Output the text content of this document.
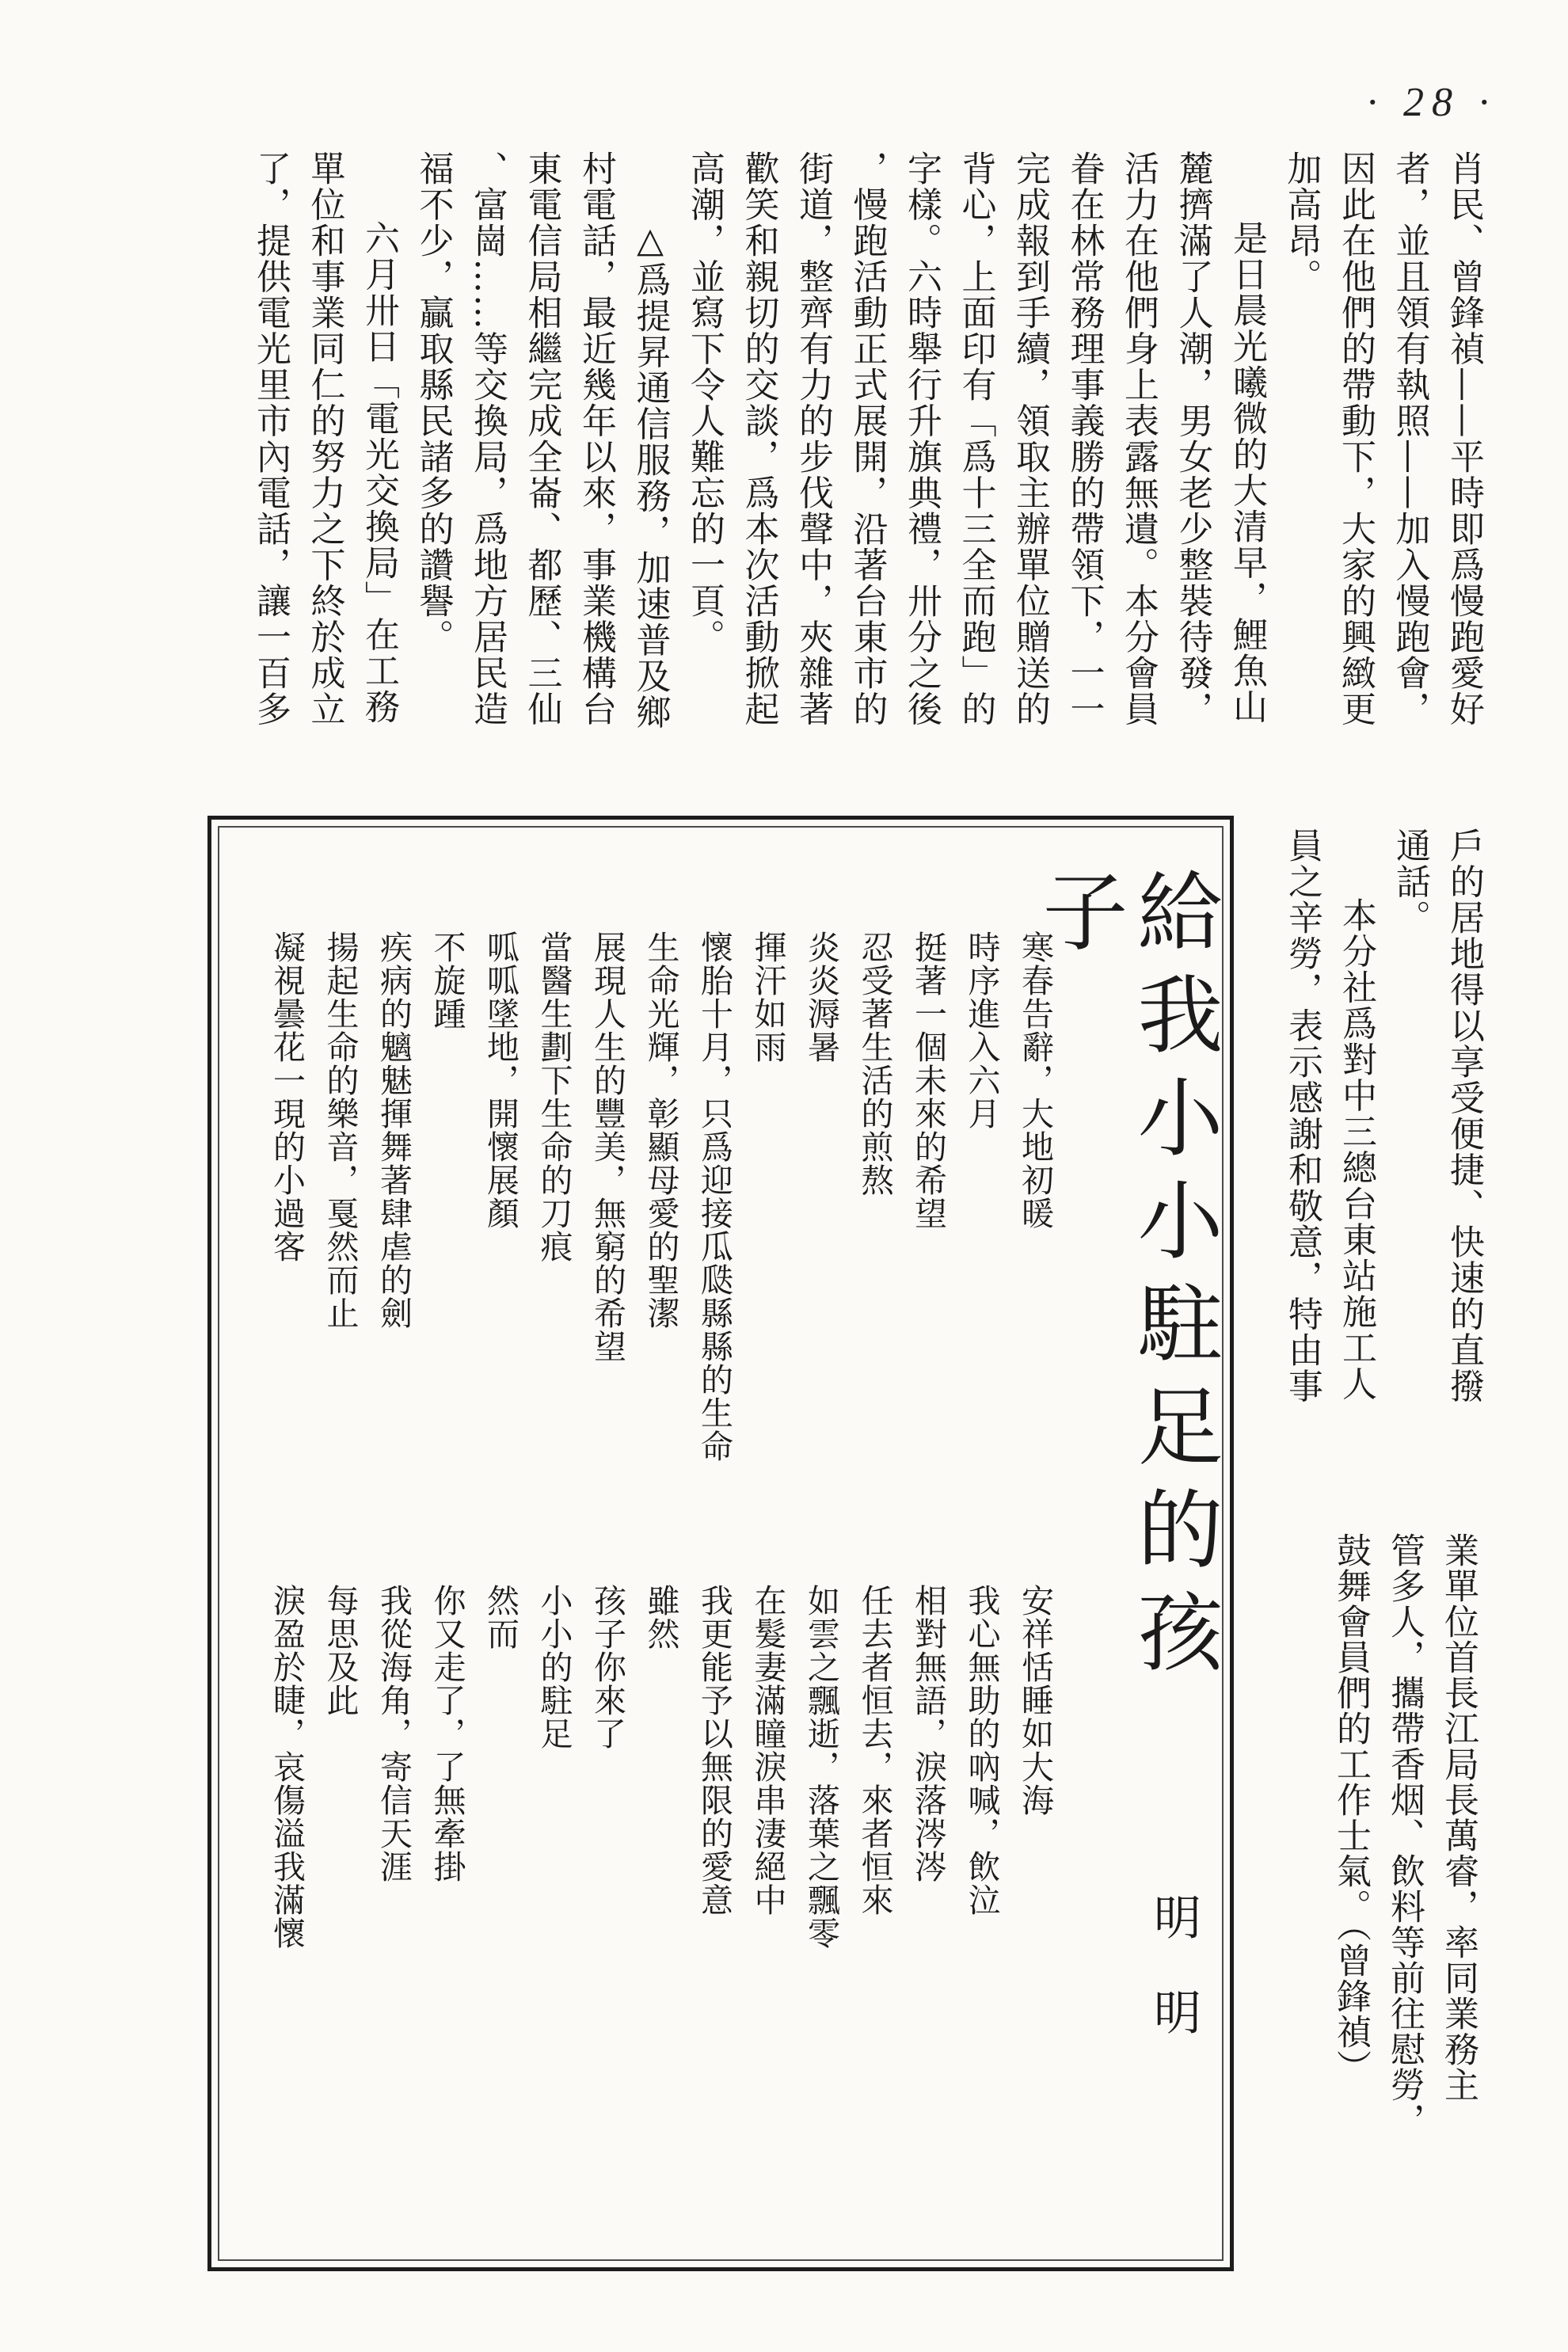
· 28 ·

肖民、曾鋒禎——平時即爲慢跑愛好

者，並且領有執照——加入慢跑會，

因此在他們的帶動下，大家的興緻更

加高昂。

是日晨光曦微的大清早，鯉魚山

麓擠滿了人潮，男女老少整裝待發，

活力在他們身上表露無遺。本分會員

眷在林常務理事義勝的帶領下，一一

完成報到手續，領取主辦單位贈送的

背心，上面印有「爲十三全而跑」的

字樣。六時舉行升旗典禮，卅分之後

，慢跑活動正式展開，沿著台東市的

街道，整齊有力的步伐聲中，夾雜著

歡笑和親切的交談，爲本次活動掀起

高潮，並寫下令人難忘的一頁。

△爲提昇通信服務，加速普及鄉

村電話，最近幾年以來，事業機構台

東電信局相繼完成全崙、都歷、三仙

、富崗……等交換局，爲地方居民造

福不少，贏取縣民諸多的讚譽。

六月卅日「電光交換局」在工務

單位和事業同仁的努力之下終於成立

了，提供電光里市內電話，讓一百多

戶的居地得以享受便捷、快速的直撥

通話。

本分社爲對中三總台東站施工人

員之辛勞，表示感謝和敬意，特由事

業單位首長江局長萬睿，率同業務主

管多人，攜帶香烟、飲料等前往慰勞，

鼓舞會員們的工作士氣。（曾鋒禎）

給我小小駐足的孩子
明明

寒春告辭，大地初暖

時序進入六月

挺著一個未來的希望

忍受著生活的煎熬

炎炎溽暑

揮汗如雨

懷胎十月，只爲迎接瓜瓞縣縣的生命

生命光輝，彰顯母愛的聖潔

展現人生的豐美，無窮的希望

當醫生劃下生命的刀痕

呱呱墜地，開懷展顏

不旋踵

疾病的魑魅揮舞著肆虐的劍

揚起生命的樂音，戛然而止

凝視曇花一現的小過客

安祥恬睡如大海

我心無助的吶喊，飲泣

相對無語，淚落涔涔

任去者恒去，來者恒來

如雲之飄逝，落葉之飄零

在髮妻滿瞳淚串淒絕中

我更能予以無限的愛意

雖然

孩子你來了

小小的駐足

然而

你又走了，了無牽掛

我從海角，寄信天涯

每思及此

淚盈於睫，哀傷溢我滿懷
